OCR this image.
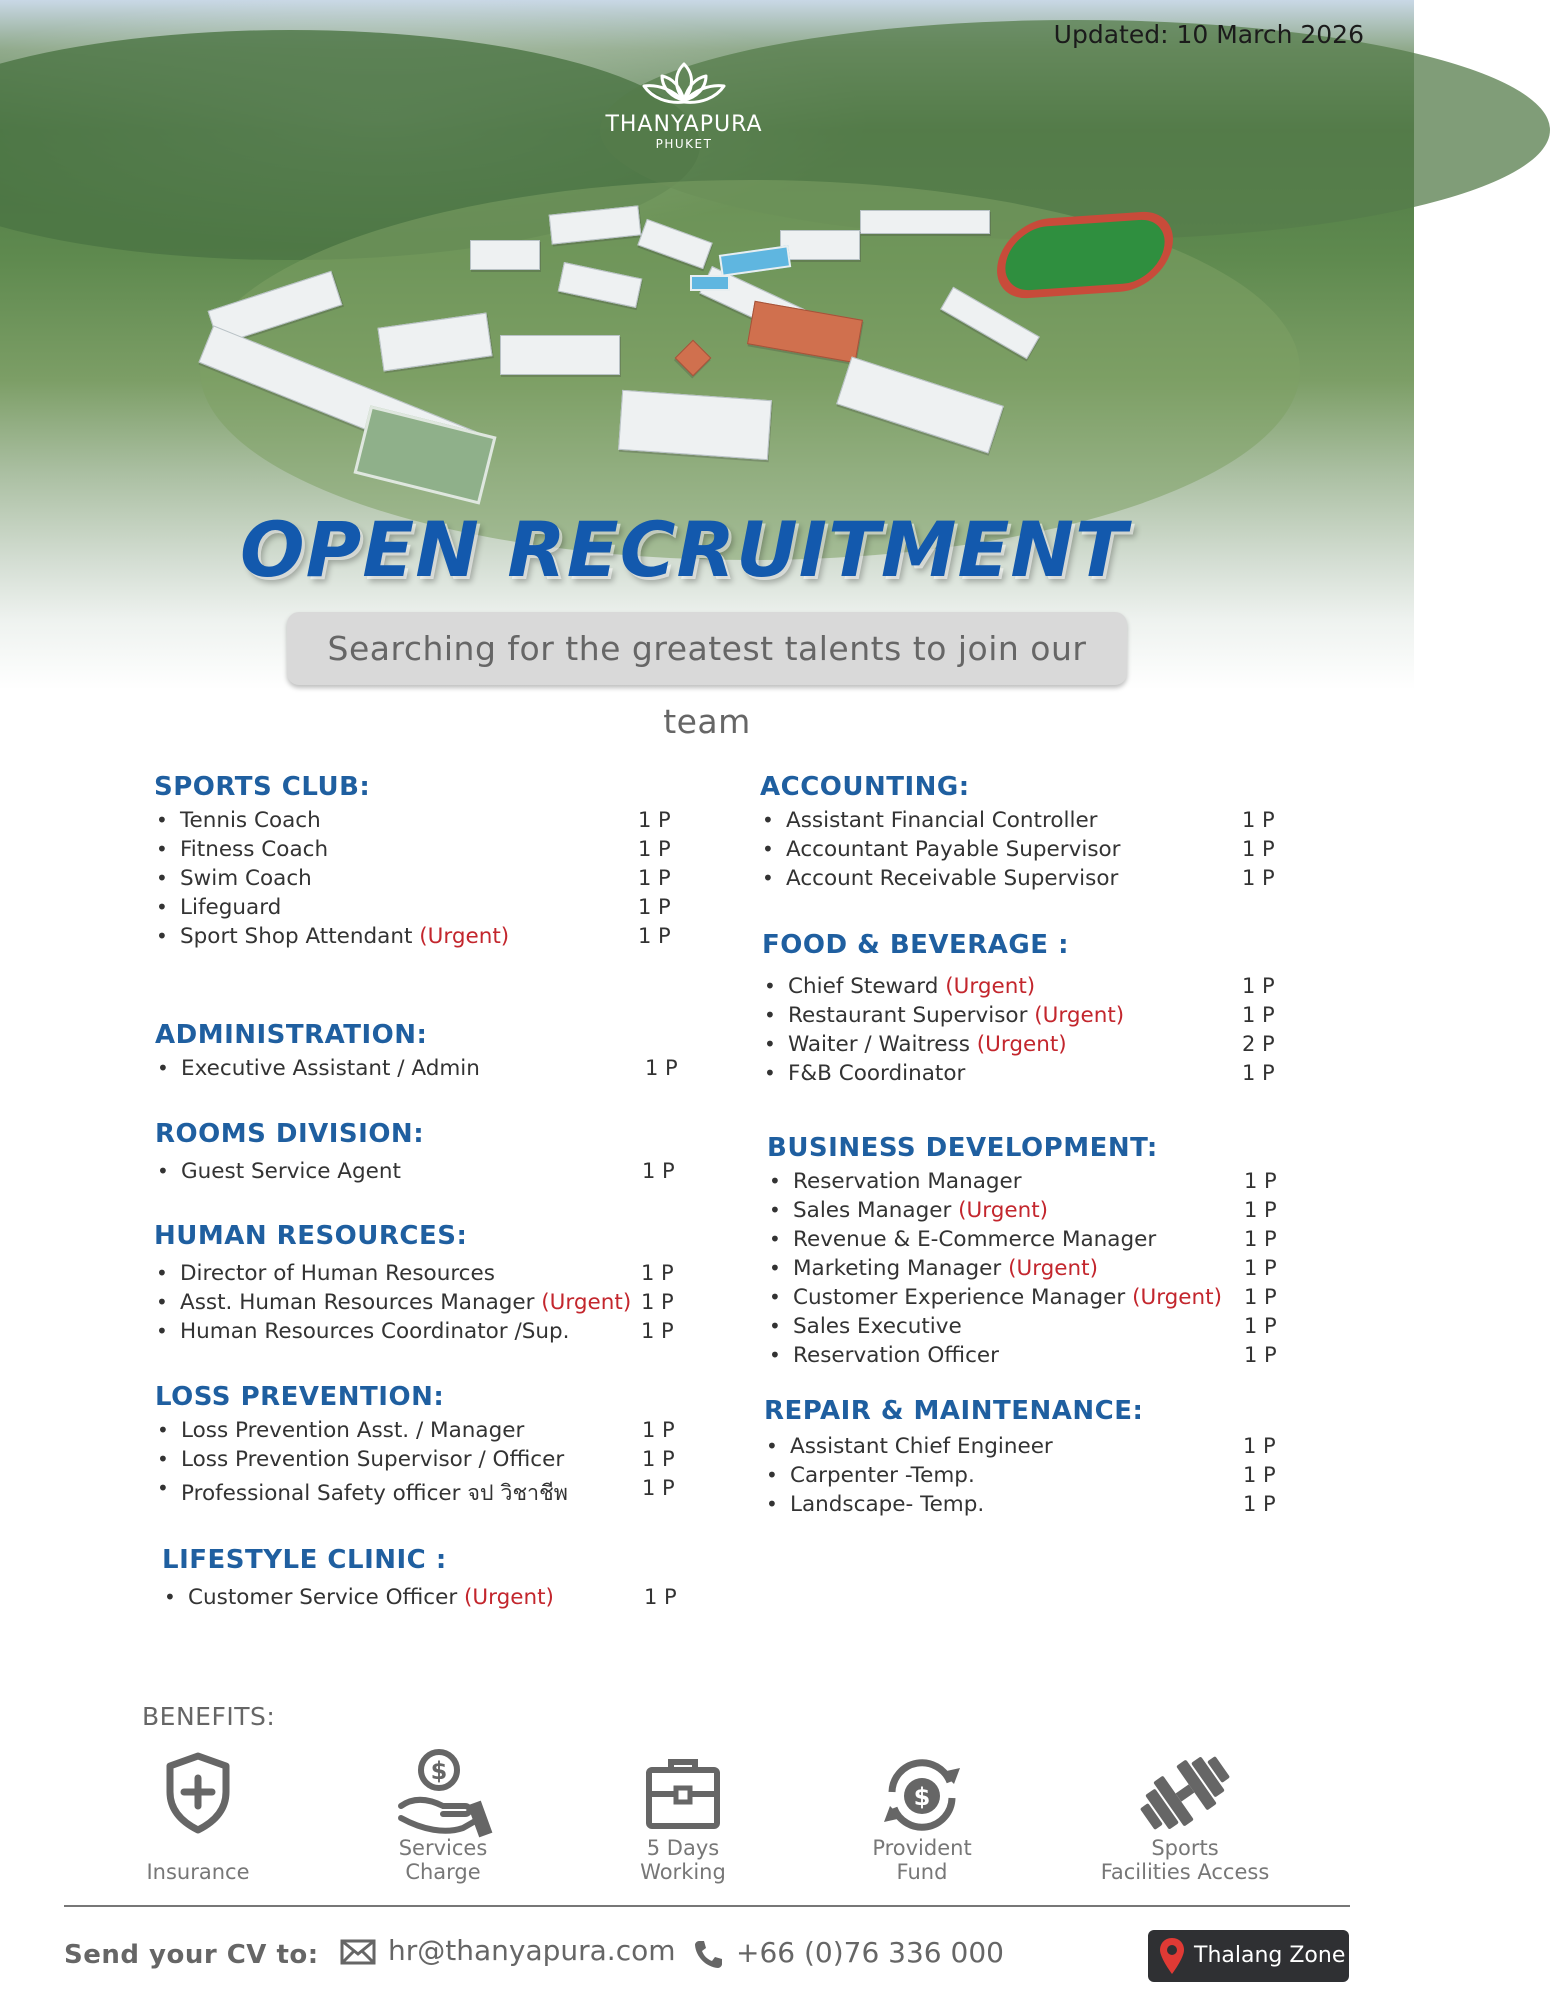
Updated: 10 March 2026
THANYAPURA
PHUKET
OPEN RECRUITMENT
Searching for the greatest talents to join our team
SPORTS CLUB:
• Tennis Coach	1 P
• Fitness Coach	1 P
• Swim Coach	1 P
• Lifeguard	1 P
• Sport Shop Attendant (Urgent)	1 P
ADMINISTRATION:
• Executive Assistant / Admin	1 P
ROOMS DIVISION:
• Guest Service Agent	1 P
HUMAN RESOURCES:
• Director of Human Resources	1 P
• Asst. Human Resources Manager (Urgent) 1 P
• Human Resources Coordinator /Sup.	1 P
LOSS PREVENTION:
• Loss Prevention Asst. / Manager	1 P
• Loss Prevention Supervisor / Officer	1 P
• Professional Safety officer จป วิชาชีพ	1 P
LIFESTYLE CLINIC :
• Customer Service Officer (Urgent)	1 P
ACCOUNTING:
• Assistant Financial Controller	1 P
• Accountant Payable Supervisor	1 P
• Account Receivable Supervisor	1 P
FOOD & BEVERAGE :
• Chief Steward (Urgent)	1 P
• Restaurant Supervisor (Urgent)	1 P
• Waiter / Waitress (Urgent)	2 P
• F&B Coordinator	1 P
BUSINESS DEVELOPMENT:
• Reservation Manager	1 P
• Sales Manager (Urgent)	1 P
• Revenue & E-Commerce Manager	1 P
• Marketing Manager (Urgent)	1 P
• Customer Experience Manager (Urgent) 1 P
• Sales Executive	1 P
• Reservation Officer	1 P
REPAIR & MAINTENANCE:
• Assistant Chief Engineer	1 P
• Carpenter -Temp.	1 P
• Landscape- Temp.	1 P
BENEFITS:
Insurance
$
Services
Charge
5 Days
Working
$
Provident
Fund
Sports
Facilities Access
Send your CV to:	hr@thanyapura.com	+66 (0)76 336 000	Thalang Zone
